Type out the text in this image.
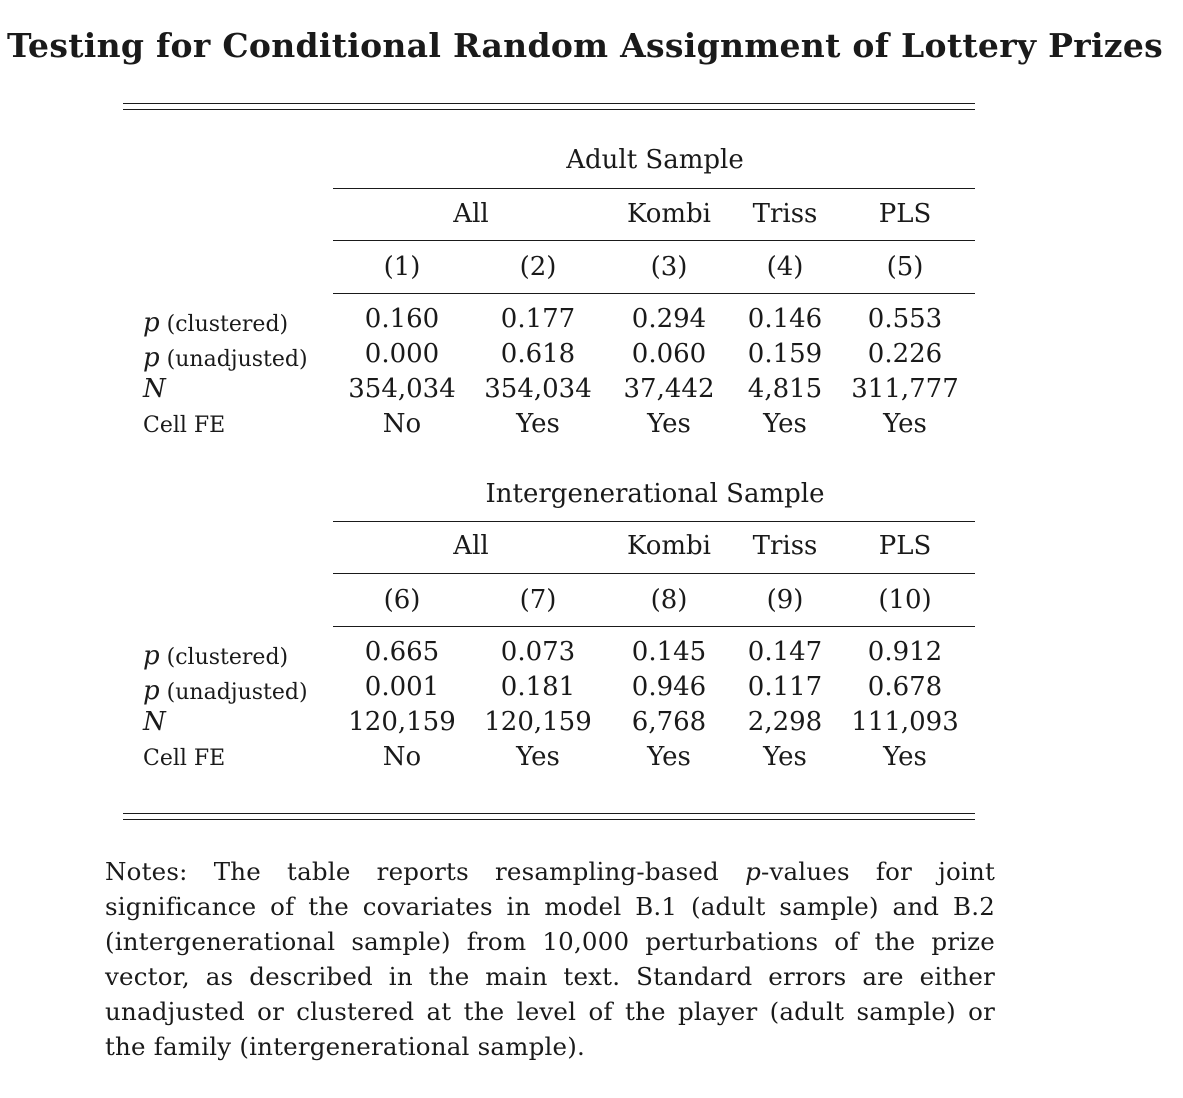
Testing for Conditional Random Assignment of Lottery Prizes
Adult Sample
All	Kombi Triss PLS
(1)	(2)	(3)	(4)	(5)
p (clustered)	0.160 0.177 0.294 0.146 0.553
p (unadjusted) 0.000 0.618 0.060 0.159 0.226
N	354,034 354,034 37,442 4,815 311,777
Cell FE	No	Yes	Yes	Yes	Yes
Intergenerational Sample
All	Kombi Triss PLS
(6)	(7)	(8)	(9)	(10)
p (clustered)	0.665 0.073 0.145 0.147 0.912
p (unadjusted) 0.001 0.181 0.946 0.117 0.678
N	120,159 120,159 6,768 2,298 111,093
Cell FE	No	Yes	Yes	Yes	Yes
Notes: The table reports resampling-based p-values for joint significance of the covariates in model B.1 (adult sample) and B.2 (intergenerational sample) from 10,000 perturbations of the prize vector, as described in the main text. Standard errors are either unadjusted or clustered at the level of the player (adult sample) or the family (intergenerational sample).
